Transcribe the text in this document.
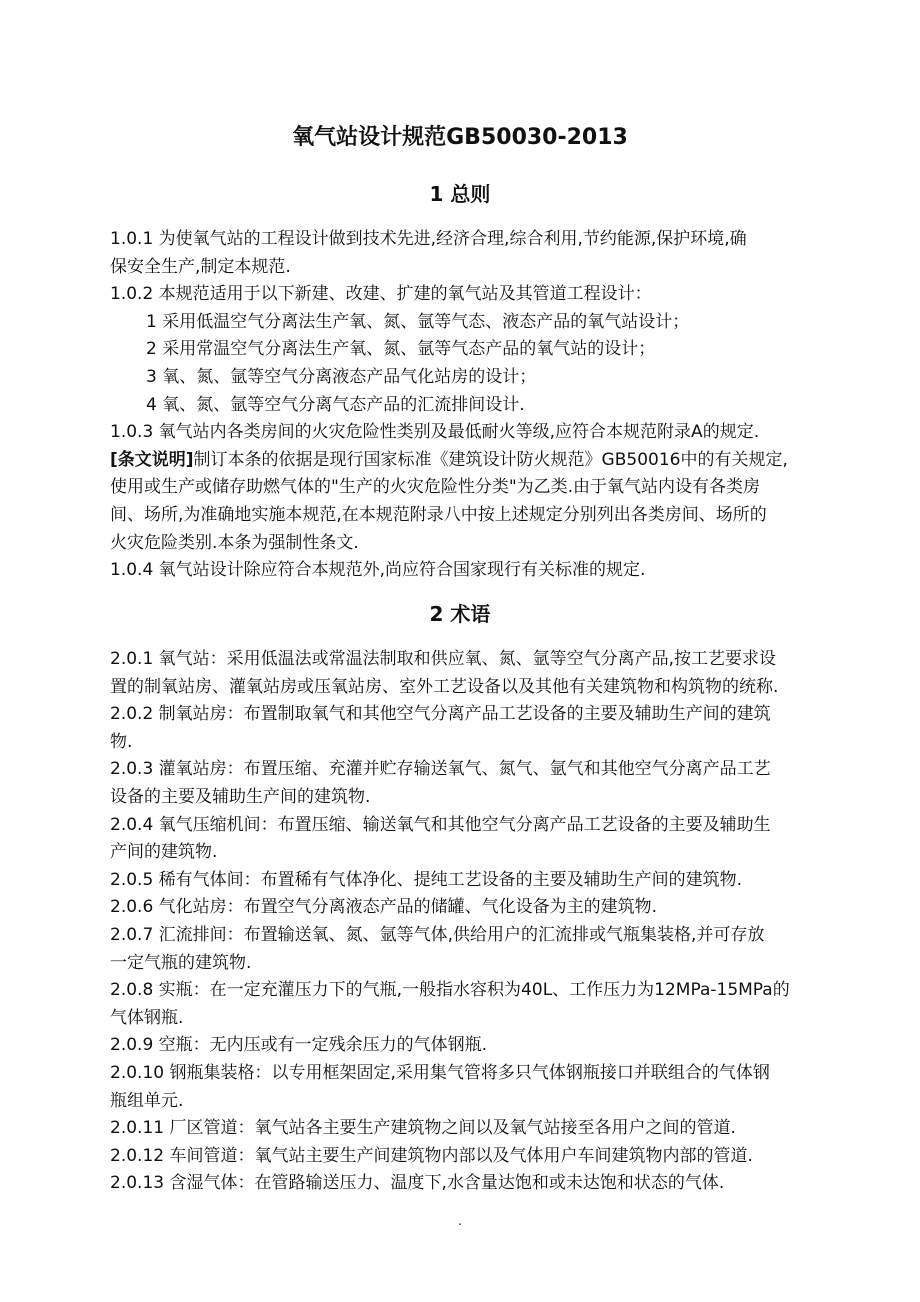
氧气站设计规范GB50030-2013
1 总则
1.0.1 为使氧气站的工程设计做到技术先进,经济合理,综合利用,节约能源,保护环境,确
保安全生产,制定本规范.
1.0.2 本规范适用于以下新建、改建、扩建的氧气站及其管道工程设计：
1 采用低温空气分离法生产氧、氮、氩等气态、液态产品的氧气站设计；
2 采用常温空气分离法生产氧、氮、氩等气态产品的氧气站的设计；
3 氧、氮、氩等空气分离液态产品气化站房的设计；
4 氧、氮、氩等空气分离气态产品的汇流排间设计.
1.0.3 氧气站内各类房间的火灾危险性类别及最低耐火等级,应符合本规范附录A的规定.
[条文说明]制订本条的依据是现行国家标准《建筑设计防火规范》GB50016中的有关规定,
使用或生产或储存助燃气体的"生产的火灾危险性分类"为乙类.由于氧气站内设有各类房
间、场所,为准确地实施本规范,在本规范附录八中按上述规定分别列出各类房间、场所的
火灾危险类别.本条为强制性条文.
1.0.4 氧气站设计除应符合本规范外,尚应符合国家现行有关标准的规定.
2 术语
2.0.1 氧气站：采用低温法或常温法制取和供应氧、氮、氩等空气分离产品,按工艺要求设
置的制氧站房、灌氧站房或压氧站房、室外工艺设备以及其他有关建筑物和构筑物的统称.
2.0.2 制氧站房：布置制取氧气和其他空气分离产品工艺设备的主要及辅助生产间的建筑
物.
2.0.3 灌氧站房：布置压缩、充灌并贮存输送氧气、氮气、氩气和其他空气分离产品工艺
设备的主要及辅助生产间的建筑物.
2.0.4 氧气压缩机间：布置压缩、输送氧气和其他空气分离产品工艺设备的主要及辅助生
产间的建筑物.
2.0.5 稀有气体间：布置稀有气体净化、提纯工艺设备的主要及辅助生产间的建筑物.
2.0.6 气化站房：布置空气分离液态产品的储罐、气化设备为主的建筑物.
2.0.7 汇流排间：布置输送氧、氮、氩等气体,供给用户的汇流排或气瓶集装格,并可存放
一定气瓶的建筑物.
2.0.8 实瓶：在一定充灌压力下的气瓶,一般指水容积为40L、工作压力为12MPa-15MPa的
气体钢瓶.
2.0.9 空瓶：无内压或有一定残余压力的气体钢瓶.
2.0.10 钢瓶集装格：以专用框架固定,采用集气管将多只气体钢瓶接口并联组合的气体钢
瓶组单元.
2.0.11 厂区管道：氧气站各主要生产建筑物之间以及氧气站接至各用户之间的管道.
2.0.12 车间管道：氧气站主要生产间建筑物内部以及气体用户车间建筑物内部的管道.
2.0.13 含湿气体：在管路输送压力、温度下,水含量达饱和或未达饱和状态的气体.
.
